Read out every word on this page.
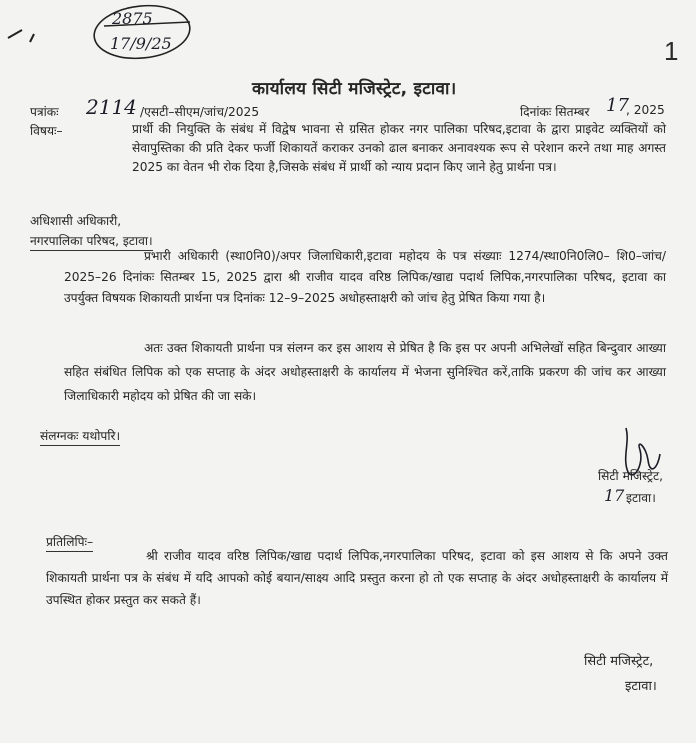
2875
17/9/25	1
कार्यालय सिटी मजिस्ट्रेट, इटावा।
पत्रांकः 2114 /एसटी–सीएम/जांच/2025	दिनांकः सितम्बर 17
, 2025
विषयः–	प्रार्थी की नियुक्ति के संबंध में विद्वेष भावना से ग्रसित होकर नगर पालिका परिषद,इटावा के द्वारा प्राइवेट व्यक्तियों को सेवापुस्तिका की प्रति देकर फर्जी शिकायतें कराकर उनको ढाल बनाकर अनावश्यक रूप से परेशान करने तथा माह अगस्त 2025 का वेतन भी रोक दिया है,जिसके संबंध में प्रार्थी को न्याय प्रदान किए जाने हेतु प्रार्थना पत्र।
अधिशासी अधिकारी,
नगरपालिका परिषद, इटावा।
प्रभारी अधिकारी (स्था0नि0)/अपर जिलाधिकारी,इटावा महोदय के पत्र संख्याः 1274/स्था0नि0लि0– शि0–जांच/ 2025–26 दिनांकः सितम्बर 15, 2025 द्वारा श्री राजीव यादव वरिष्ठ लिपिक/खाद्य पदार्थ लिपिक,नगरपालिका परिषद, इटावा का उपर्युक्त विषयक शिकायती प्रार्थना पत्र दिनांकः 12–9–2025 अधोहस्ताक्षरी को जांच हेतु प्रेषित किया गया है।
अतः उक्त शिकायती प्रार्थना पत्र संलग्न कर इस आशय से प्रेषित है कि इस पर अपनी अभिलेखों सहित बिन्दुवार आख्या सहित संबंधित लिपिक को एक सप्ताह के अंदर अधोहस्ताक्षरी के कार्यालय में भेजना सुनिश्चित करें,ताकि प्रकरण की जांच कर आख्या जिलाधिकारी महोदय को प्रेषित की जा सके।
संलग्नकः यथोपरि।
सिटी मजिस्ट्रेट,
17 इटावा।
प्रतिलिपिः–
श्री राजीव यादव वरिष्ठ लिपिक/खाद्य पदार्थ लिपिक,नगरपालिका परिषद, इटावा को इस आशय से कि अपने उक्त शिकायती प्रार्थना पत्र के संबंध में यदि आपको कोई बयान/साक्ष्य आदि प्रस्तुत करना हो तो एक सप्ताह के अंदर अधोहस्ताक्षरी के कार्यालय में उपस्थित होकर प्रस्तुत कर सकते हैं।
सिटी मजिस्ट्रेट,
इटावा।
